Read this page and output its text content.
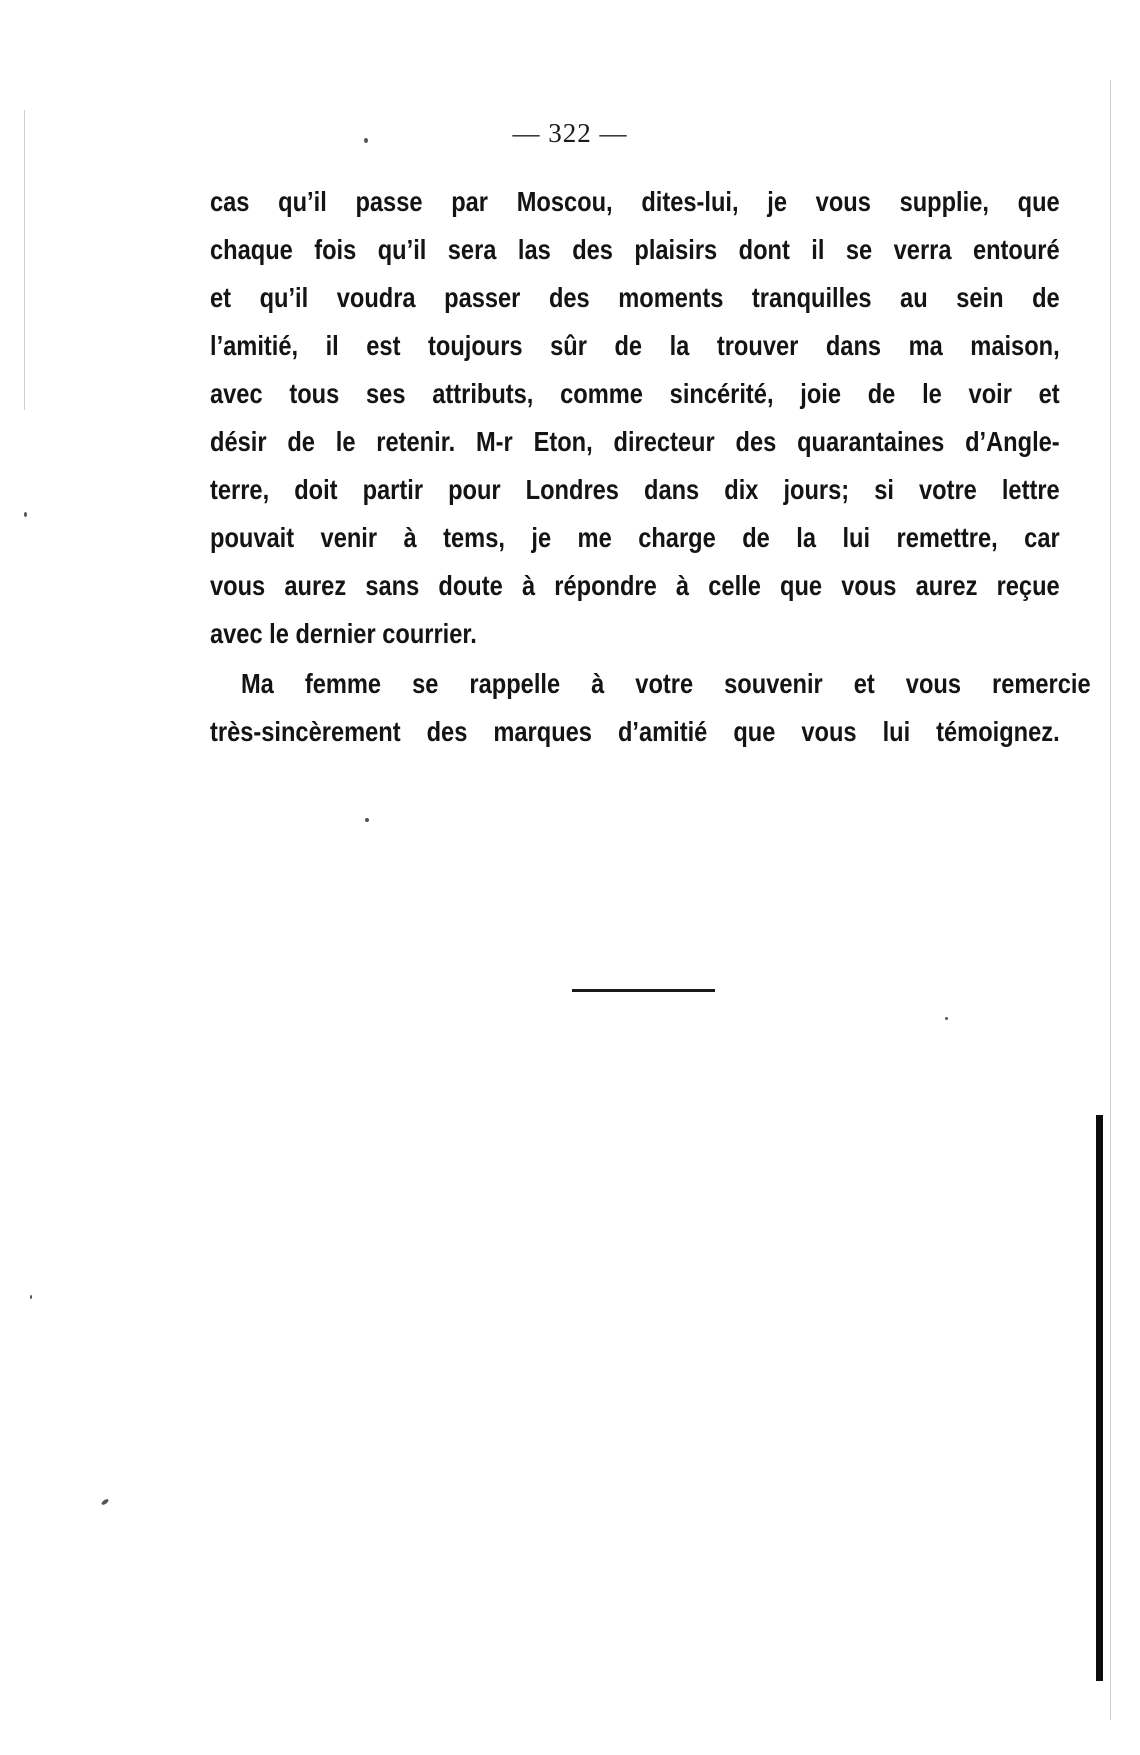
— 322 —
cas qu’il passe par Moscou, dites-lui, je vous supplie, que
chaque fois qu’il sera las des plaisirs dont il se verra entouré
et qu’il voudra passer des moments tranquilles au sein de
l’amitié, il est toujours sûr de la trouver dans ma maison,
avec tous ses attributs, comme sincérité, joie de le voir et
désir de le retenir. M-r Eton, directeur des quarantaines d’Angle-
terre, doit partir pour Londres dans dix jours; si votre lettre
pouvait venir à tems, je me charge de la lui remettre, car
vous aurez sans doute à répondre à celle que vous aurez reçue
avec le dernier courrier.
Ma femme se rappelle à votre souvenir et vous remercie
très-sincèrement des marques d’amitié que vous lui témoignez.
